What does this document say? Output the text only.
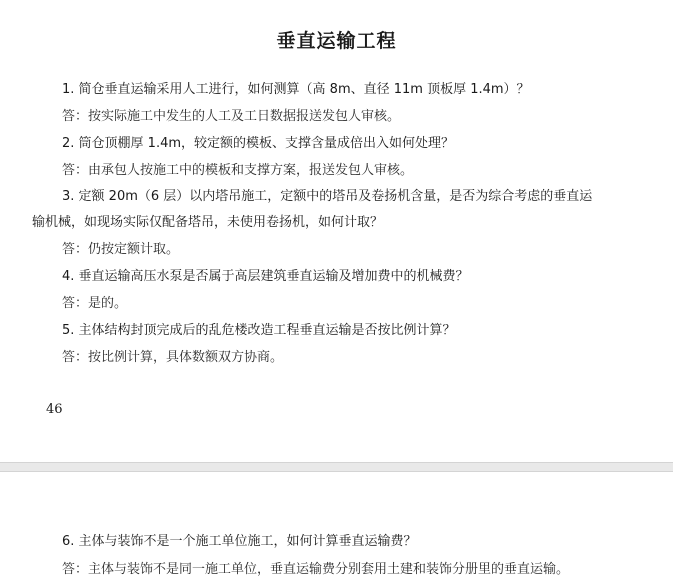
垂直运输工程
1. 简仓垂直运输采用人工进行，如何测算（高 8m、直径 11m 顶板厚 1.4m）？
答：按实际施工中发生的人工及工日数据报送发包人审核。
2. 筒仓顶棚厚 1.4m，较定额的模板、支撑含量成倍出入如何处理？
答：由承包人按施工中的模板和支撑方案，报送发包人审核。
3. 定额 20m（6 层）以内塔吊施工，定额中的塔吊及卷扬机含量，是否为综合考虑的垂直运
输机械，如现场实际仅配备塔吊，未使用卷扬机，如何计取？
答：仍按定额计取。
4. 垂直运输高压水泵是否属于高层建筑垂直运输及增加费中的机械费？
答：是的。
5. 主体结构封顶完成后的乱危楼改造工程垂直运输是否按比例计算？
答：按比例计算，具体数额双方协商。
46
6. 主体与装饰不是一个施工单位施工，如何计算垂直运输费？
答：主体与装饰不是同一施工单位，垂直运输费分别套用土建和装饰分册里的垂直运输。
